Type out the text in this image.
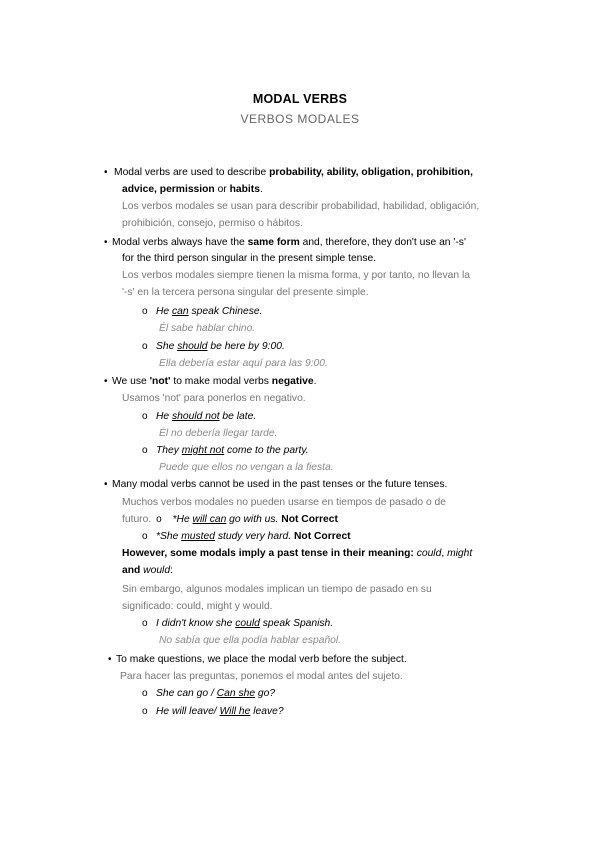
MODAL VERBS
VERBOS MODALES
• Modal verbs are used to describe probability, ability, obligation, prohibition,
advice, permission or habits.
Los verbos modales se usan para describir probabilidad, habilidad, obligación,
prohibición, consejo, permiso o hábitos.
• Modal verbs always have the same form and, therefore, they don't use an '-s'
for the third person singular in the present simple tense.
Los verbos modales siempre tienen la misma forma, y por tanto, no llevan la
'-s' en la tercera persona singular del presente simple.
o He can speak Chinese.
Él sabe hablar chino.
o She should be here by 9:00.
Ella debería estar aquí para las 9:00.
• We use 'not' to make modal verbs negative.
Usamos 'not' para ponerlos en negativo.
o He should not be late.
Él no debería llegar tarde.
o They might not come to the party.
Puede que ellos no vengan a la fiesta.
• Many modal verbs cannot be used in the past tenses or the future tenses.
Muchos verbos modales no pueden usarse en tiempos de pasado o de
futuro. o *He will can go with us. Not Correct
o *She musted study very hard. Not Correct
However, some modals imply a past tense in their meaning: could, might
and would:
Sin embargo, algunos modales implican un tiempo de pasado en su
significado: could, might y would.
o I didn't know she could speak Spanish.
No sabía que ella podía hablar español.
• To make questions, we place the modal verb before the subject.
Para hacer las preguntas, ponemos el modal antes del sujeto.
o She can go / Can she go?
o He will leave/ Will he leave?
